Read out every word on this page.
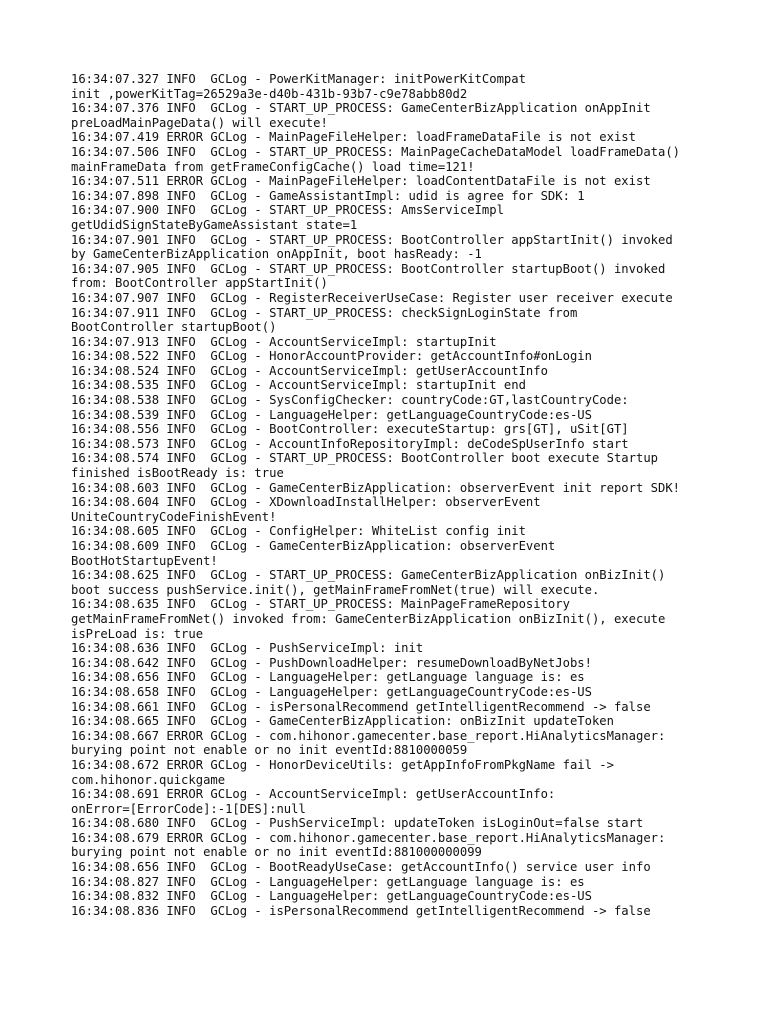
16:34:07.327 INFO  GCLog - PowerKitManager: initPowerKitCompat

init ,powerKitTag=26529a3e-d40b-431b-93b7-c9e78abb80d2

16:34:07.376 INFO  GCLog - START_UP_PROCESS: GameCenterBizApplication onAppInit

preLoadMainPageData() will execute!

16:34:07.419 ERROR GCLog - MainPageFileHelper: loadFrameDataFile is not exist

16:34:07.506 INFO  GCLog - START_UP_PROCESS: MainPageCacheDataModel loadFrameData()

mainFrameData from getFrameConfigCache() load time=121!

16:34:07.511 ERROR GCLog - MainPageFileHelper: loadContentDataFile is not exist

16:34:07.898 INFO  GCLog - GameAssistantImpl: udid is agree for SDK: 1

16:34:07.900 INFO  GCLog - START_UP_PROCESS: AmsServiceImpl

getUdidSignStateByGameAssistant state=1

16:34:07.901 INFO  GCLog - START_UP_PROCESS: BootController appStartInit() invoked

by GameCenterBizApplication onAppInit, boot hasReady: -1

16:34:07.905 INFO  GCLog - START_UP_PROCESS: BootController startupBoot() invoked

from: BootController appStartInit()

16:34:07.907 INFO  GCLog - RegisterReceiverUseCase: Register user receiver execute

16:34:07.911 INFO  GCLog - START_UP_PROCESS: checkSignLoginState from

BootController startupBoot()

16:34:07.913 INFO  GCLog - AccountServiceImpl: startupInit

16:34:08.522 INFO  GCLog - HonorAccountProvider: getAccountInfo#onLogin

16:34:08.524 INFO  GCLog - AccountServiceImpl: getUserAccountInfo

16:34:08.535 INFO  GCLog - AccountServiceImpl: startupInit end

16:34:08.538 INFO  GCLog - SysConfigChecker: countryCode:GT,lastCountryCode:

16:34:08.539 INFO  GCLog - LanguageHelper: getLanguageCountryCode:es-US

16:34:08.556 INFO  GCLog - BootController: executeStartup: grs[GT], uSit[GT]

16:34:08.573 INFO  GCLog - AccountInfoRepositoryImpl: deCodeSpUserInfo start

16:34:08.574 INFO  GCLog - START_UP_PROCESS: BootController boot execute Startup

finished isBootReady is: true

16:34:08.603 INFO  GCLog - GameCenterBizApplication: observerEvent init report SDK!

16:34:08.604 INFO  GCLog - XDownloadInstallHelper: observerEvent

UniteCountryCodeFinishEvent!

16:34:08.605 INFO  GCLog - ConfigHelper: WhiteList config init

16:34:08.609 INFO  GCLog - GameCenterBizApplication: observerEvent

BootHotStartupEvent!

16:34:08.625 INFO  GCLog - START_UP_PROCESS: GameCenterBizApplication onBizInit()

boot success pushService.init(), getMainFrameFromNet(true) will execute.

16:34:08.635 INFO  GCLog - START_UP_PROCESS: MainPageFrameRepository

getMainFrameFromNet() invoked from: GameCenterBizApplication onBizInit(), execute

isPreLoad is: true

16:34:08.636 INFO  GCLog - PushServiceImpl: init

16:34:08.642 INFO  GCLog - PushDownloadHelper: resumeDownloadByNetJobs!

16:34:08.656 INFO  GCLog - LanguageHelper: getLanguage language is: es

16:34:08.658 INFO  GCLog - LanguageHelper: getLanguageCountryCode:es-US

16:34:08.661 INFO  GCLog - isPersonalRecommend getIntelligentRecommend -> false

16:34:08.665 INFO  GCLog - GameCenterBizApplication: onBizInit updateToken

16:34:08.667 ERROR GCLog - com.hihonor.gamecenter.base_report.HiAnalyticsManager:

burying point not enable or no init eventId:8810000059

16:34:08.672 ERROR GCLog - HonorDeviceUtils: getAppInfoFromPkgName fail ->

com.hihonor.quickgame

16:34:08.691 ERROR GCLog - AccountServiceImpl: getUserAccountInfo:

onError=[ErrorCode]:-1[DES]:null

16:34:08.680 INFO  GCLog - PushServiceImpl: updateToken isLoginOut=false start

16:34:08.679 ERROR GCLog - com.hihonor.gamecenter.base_report.HiAnalyticsManager:

burying point not enable or no init eventId:881000000099

16:34:08.656 INFO  GCLog - BootReadyUseCase: getAccountInfo() service user info

16:34:08.827 INFO  GCLog - LanguageHelper: getLanguage language is: es

16:34:08.832 INFO  GCLog - LanguageHelper: getLanguageCountryCode:es-US

16:34:08.836 INFO  GCLog - isPersonalRecommend getIntelligentRecommend -> false
